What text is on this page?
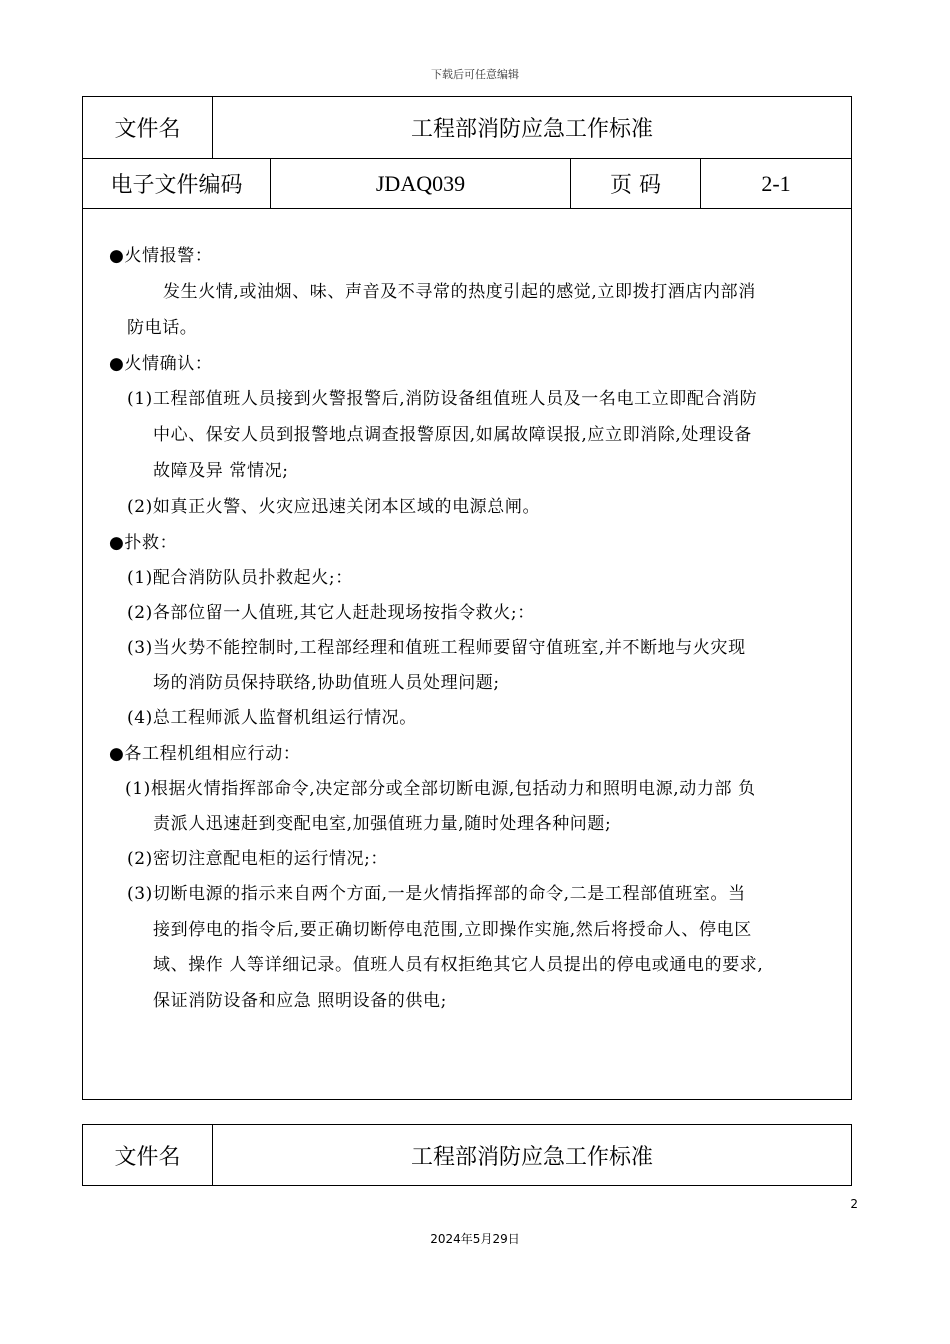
下载后可任意编辑
文件名	工程部消防应急工作标准
电子文件编码	JDAQ039	页 码	2-1
●火情报警：
发生火情,或油烟、味、声音及不寻常的热度引起的感觉,立即拨打酒店内部消
防电话。
●火情确认：
(1)工程部值班人员接到火警报警后,消防设备组值班人员及一名电工立即配合消防
中心、保安人员到报警地点调查报警原因,如属故障误报,应立即消除,处理设备
故障及异 常情况;
(2)如真正火警、火灾应迅速关闭本区域的电源总闸。
●扑救：
(1)配合消防队员扑救起火;：
(2)各部位留一人值班,其它人赶赴现场按指令救火;：
(3)当火势不能控制时,工程部经理和值班工程师要留守值班室,并不断地与火灾现
场的消防员保持联络,协助值班人员处理问题;
(4)总工程师派人监督机组运行情况。
●各工程机组相应行动：
(1)根据火情指挥部命令,决定部分或全部切断电源,包括动力和照明电源,动力部 负
责派人迅速赶到变配电室,加强值班力量,随时处理各种问题;
(2)密切注意配电柜的运行情况;：
(3)切断电源的指示来自两个方面,一是火情指挥部的命令,二是工程部值班室。当
接到停电的指令后,要正确切断停电范围,立即操作实施,然后将授命人、停电区
域、操作 人等详细记录。值班人员有权拒绝其它人员提出的停电或通电的要求,
保证消防设备和应急 照明设备的供电;
文件名	工程部消防应急工作标准
2
2024年5月29日
